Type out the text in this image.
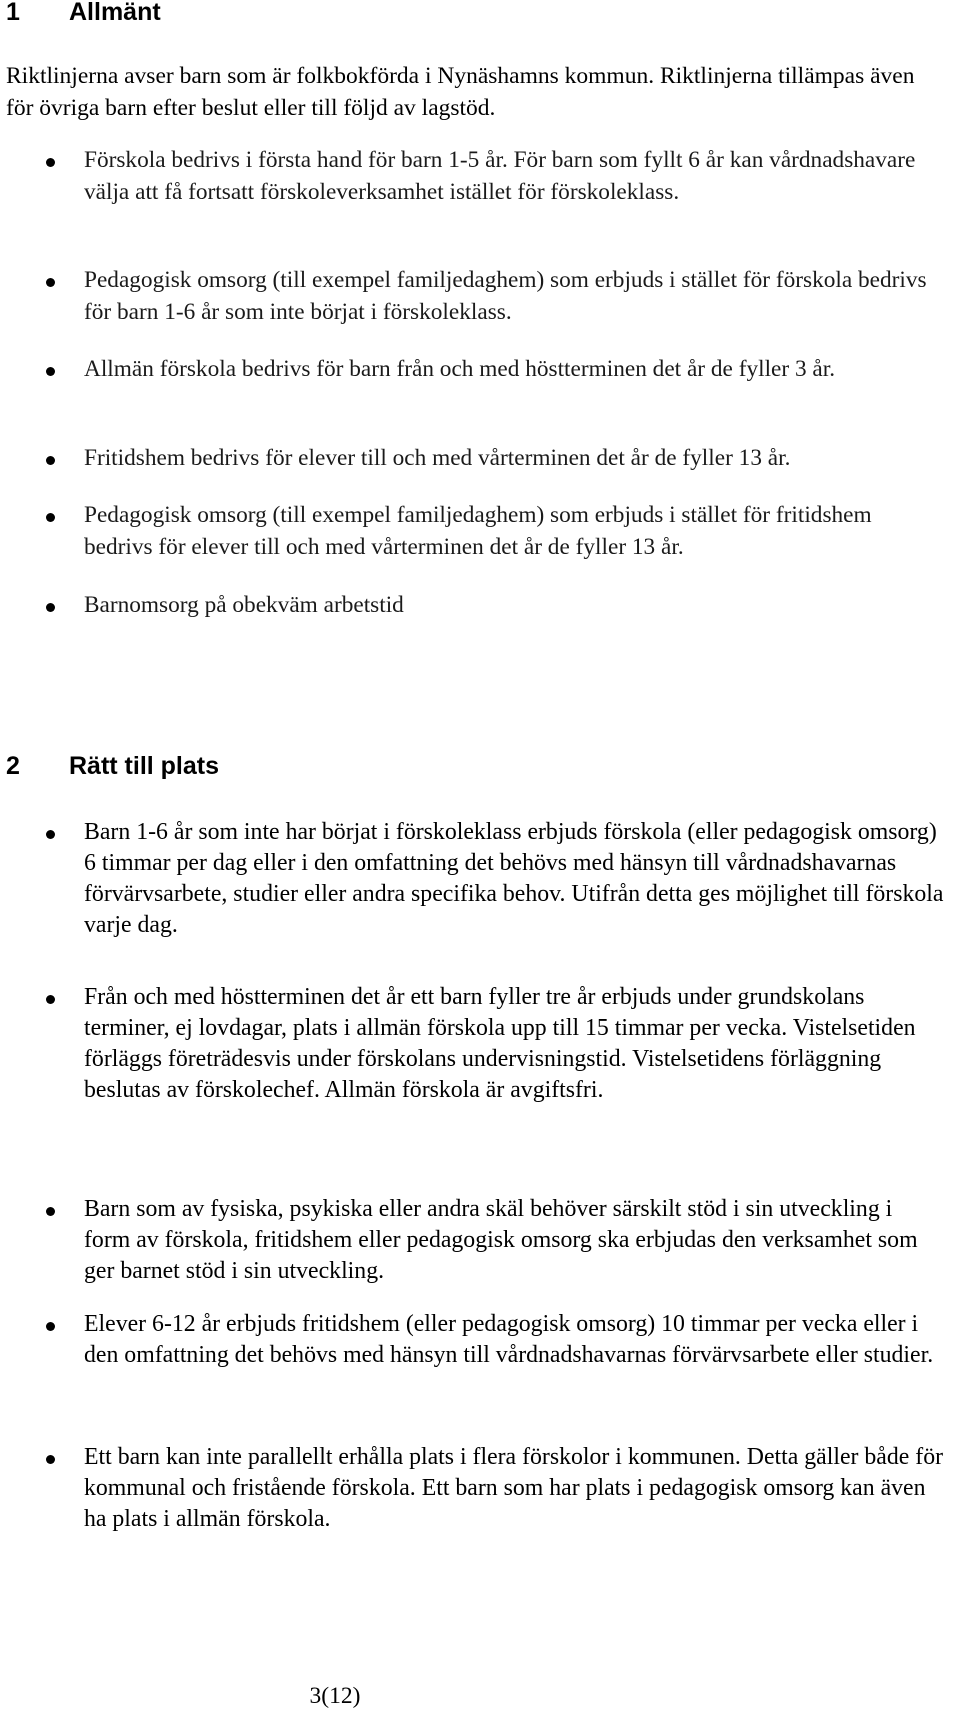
1 Allmänt

Riktlinjerna avser barn som är folkbokförda i Nynäshamns kommun. Riktlinjerna tillämpas även för övriga barn efter beslut eller till följd av lagstöd.

Förskola bedrivs i första hand för barn 1-5 år. För barn som fyllt 6 år kan vårdnadshavare välja att få fortsatt förskoleverksamhet istället för förskoleklass.

Pedagogisk omsorg (till exempel familjedaghem) som erbjuds i stället för förskola bedrivs för barn 1-6 år som inte börjat i förskoleklass.

Allmän förskola bedrivs för barn från och med höstterminen det år de fyller 3 år.

Fritidshem bedrivs för elever till och med vårterminen det år de fyller 13 år.

Pedagogisk omsorg (till exempel familjedaghem) som erbjuds i stället för fritidshem bedrivs för elever till och med vårterminen det år de fyller 13 år.

Barnomsorg på obekväm arbetstid

2 Rätt till plats

Barn 1-6 år som inte har börjat i förskoleklass erbjuds förskola (eller pedagogisk omsorg) 6 timmar per dag eller i den omfattning det behövs med hänsyn till vårdnadshavarnas förvärvsarbete, studier eller andra specifika behov. Utifrån detta ges möjlighet till förskola varje dag.

Från och med höstterminen det år ett barn fyller tre år erbjuds under grundskolans terminer, ej lovdagar, plats i allmän förskola upp till 15 timmar per vecka. Vistelsetiden förläggs företrädesvis under förskolans undervisningstid. Vistelsetidens förläggning beslutas av förskolechef. Allmän förskola är avgiftsfri.

Barn som av fysiska, psykiska eller andra skäl behöver särskilt stöd i sin utveckling i form av förskola, fritidshem eller pedagogisk omsorg ska erbjudas den verksamhet som ger barnet stöd i sin utveckling.

Elever 6-12 år erbjuds fritidshem (eller pedagogisk omsorg) 10 timmar per vecka eller i den omfattning det behövs med hänsyn till vårdnadshavarnas förvärvsarbete eller studier.

Ett barn kan inte parallellt erhålla plats i flera förskolor i kommunen. Detta gäller både för kommunal och fristående förskola. Ett barn som har plats i pedagogisk omsorg kan även ha plats i allmän förskola.

3(12)
